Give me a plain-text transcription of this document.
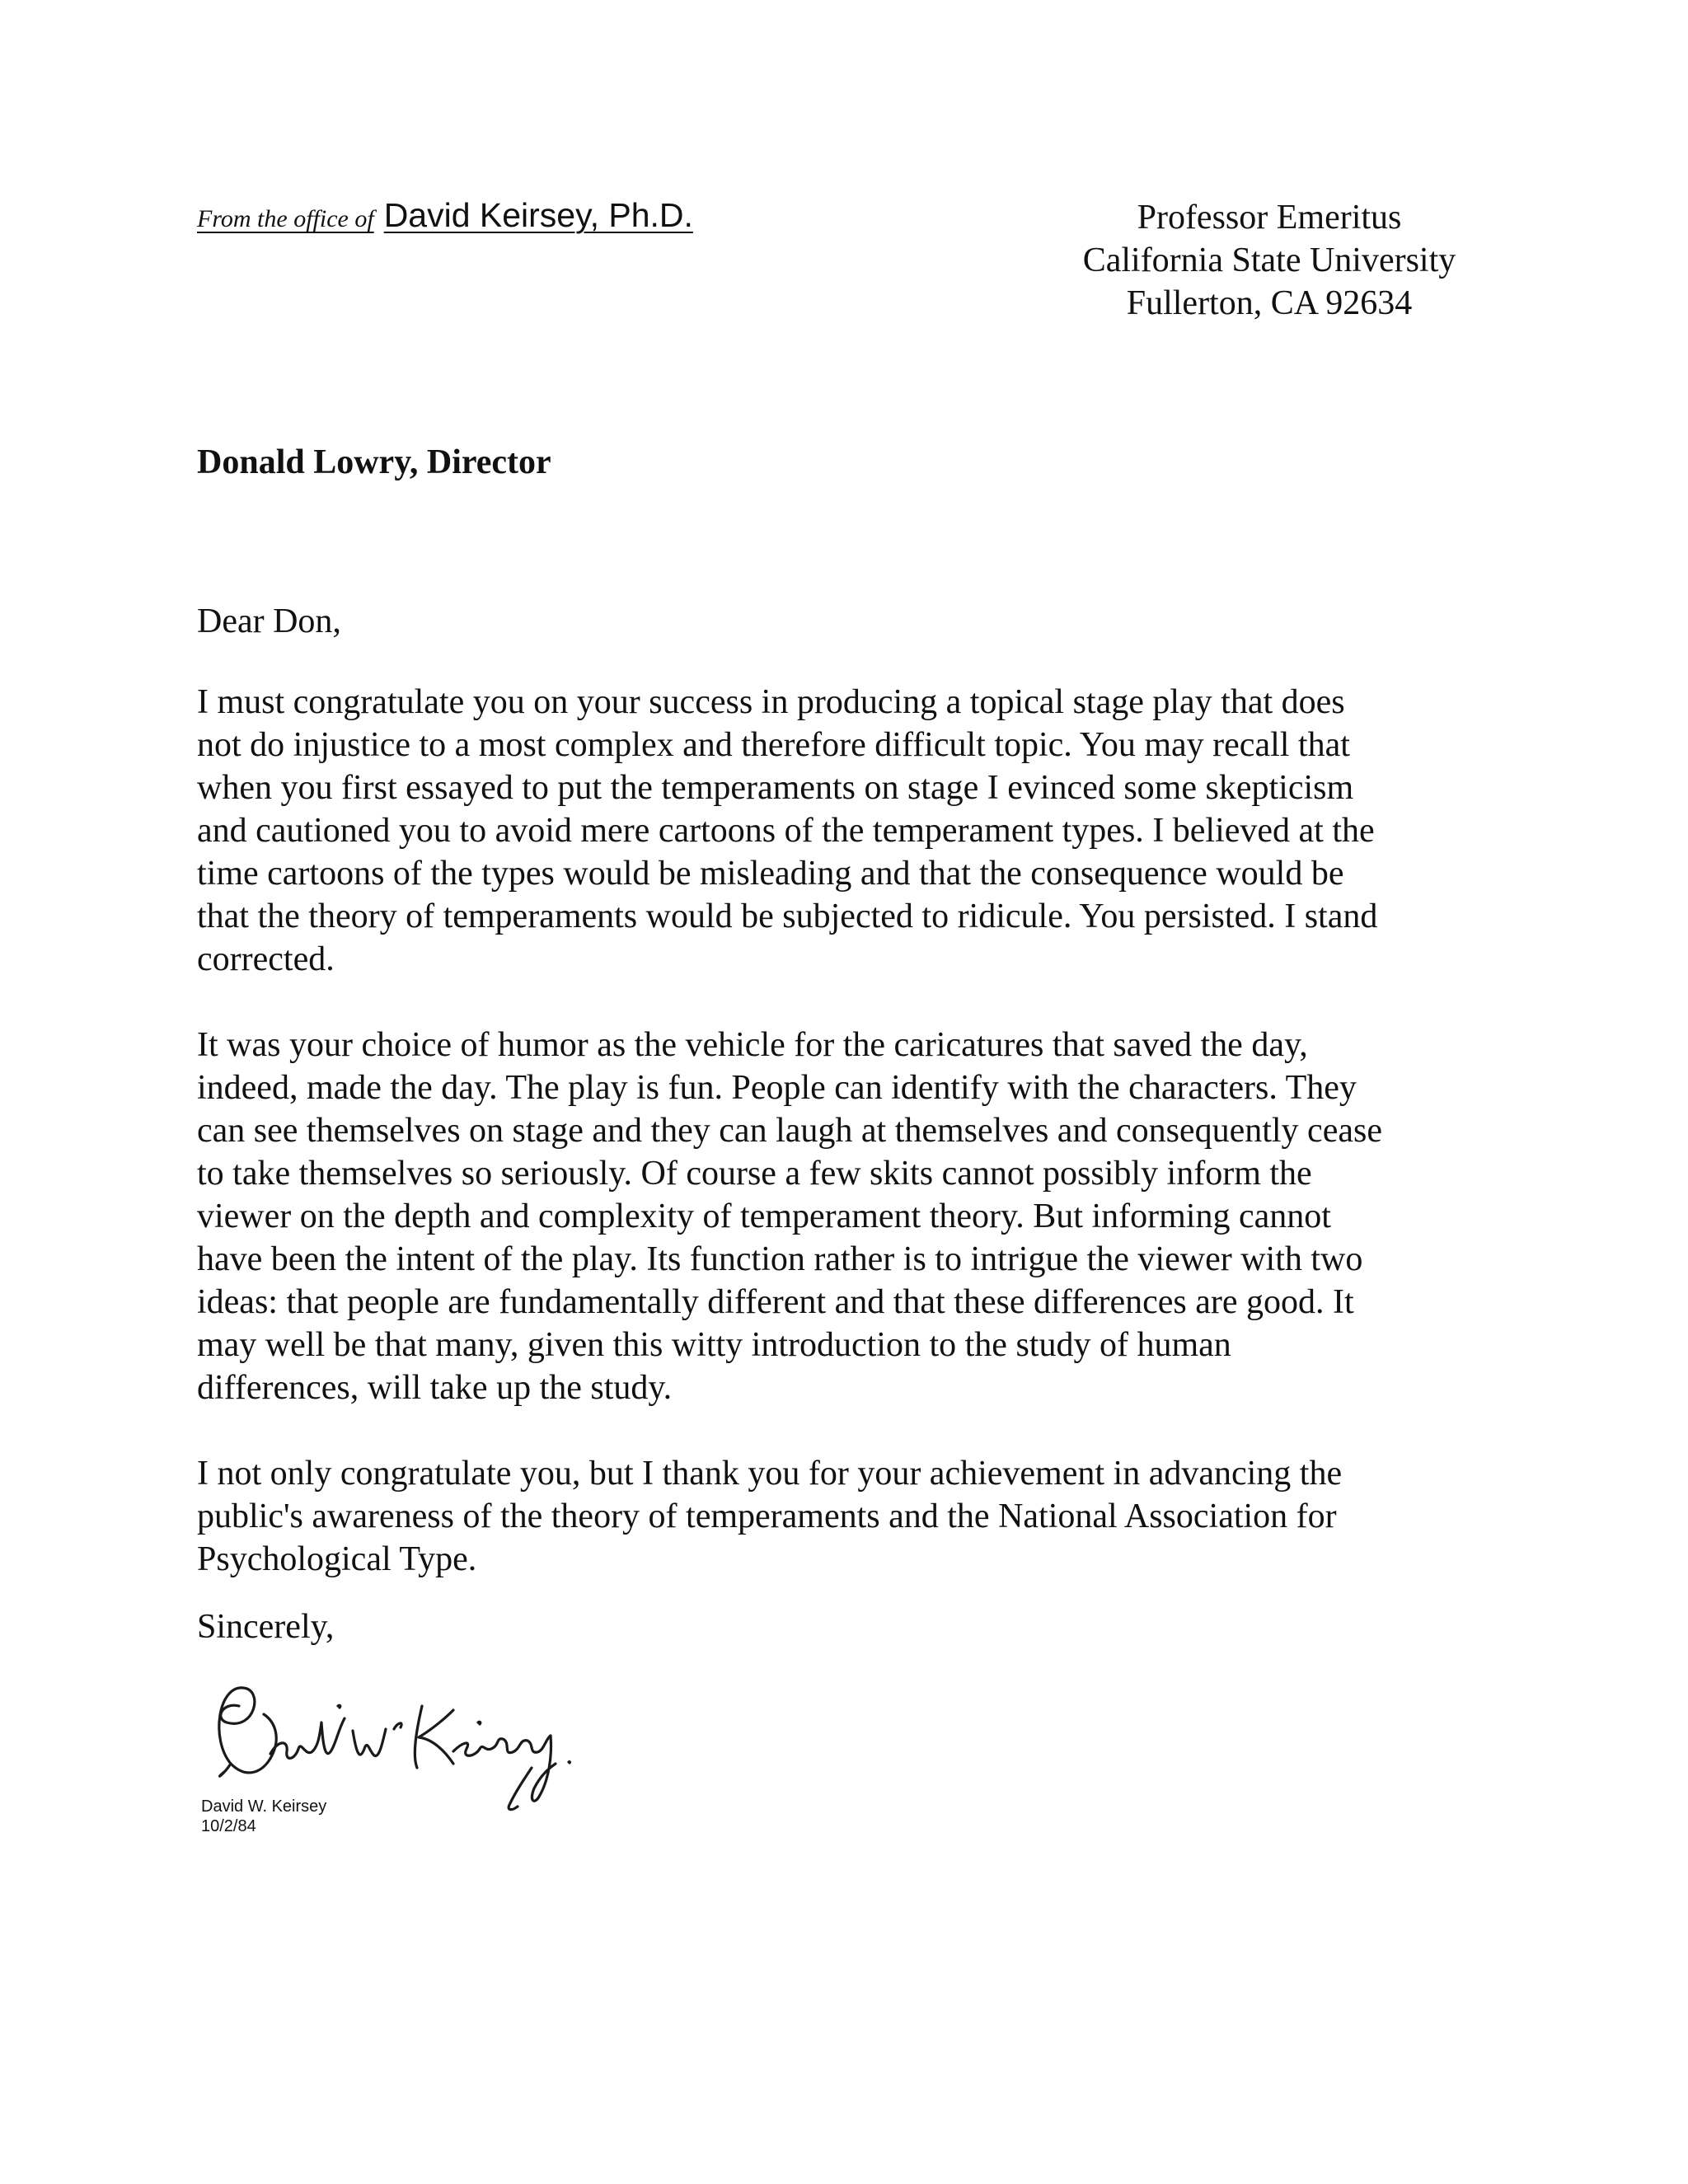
From the office of David Keirsey, Ph.D.	Professor Emeritus
California State University
Fullerton, CA 92634
Donald Lowry, Director
Dear Don,
I must congratulate you on your success in producing a topical stage play that does
not do injustice to a most complex and therefore difficult topic. You may recall that
when you first essayed to put the temperaments on stage I evinced some skepticism
and cautioned you to avoid mere cartoons of the temperament types. I believed at the
time cartoons of the types would be misleading and that the consequence would be
that the theory of temperaments would be subjected to ridicule. You persisted. I stand
corrected.
It was your choice of humor as the vehicle for the caricatures that saved the day,
indeed, made the day. The play is fun. People can identify with the characters. They
can see themselves on stage and they can laugh at themselves and consequently cease
to take themselves so seriously. Of course a few skits cannot possibly inform the
viewer on the depth and complexity of temperament theory. But informing cannot
have been the intent of the play. Its function rather is to intrigue the viewer with two
ideas: that people are fundamentally different and that these differences are good. It
may well be that many, given this witty introduction to the study of human
differences, will take up the study.
I not only congratulate you, but I thank you for your achievement in advancing the
public's awareness of the theory of temperaments and the National Association for
Psychological Type.
Sincerely,
David W. Keirsey
10/2/84
